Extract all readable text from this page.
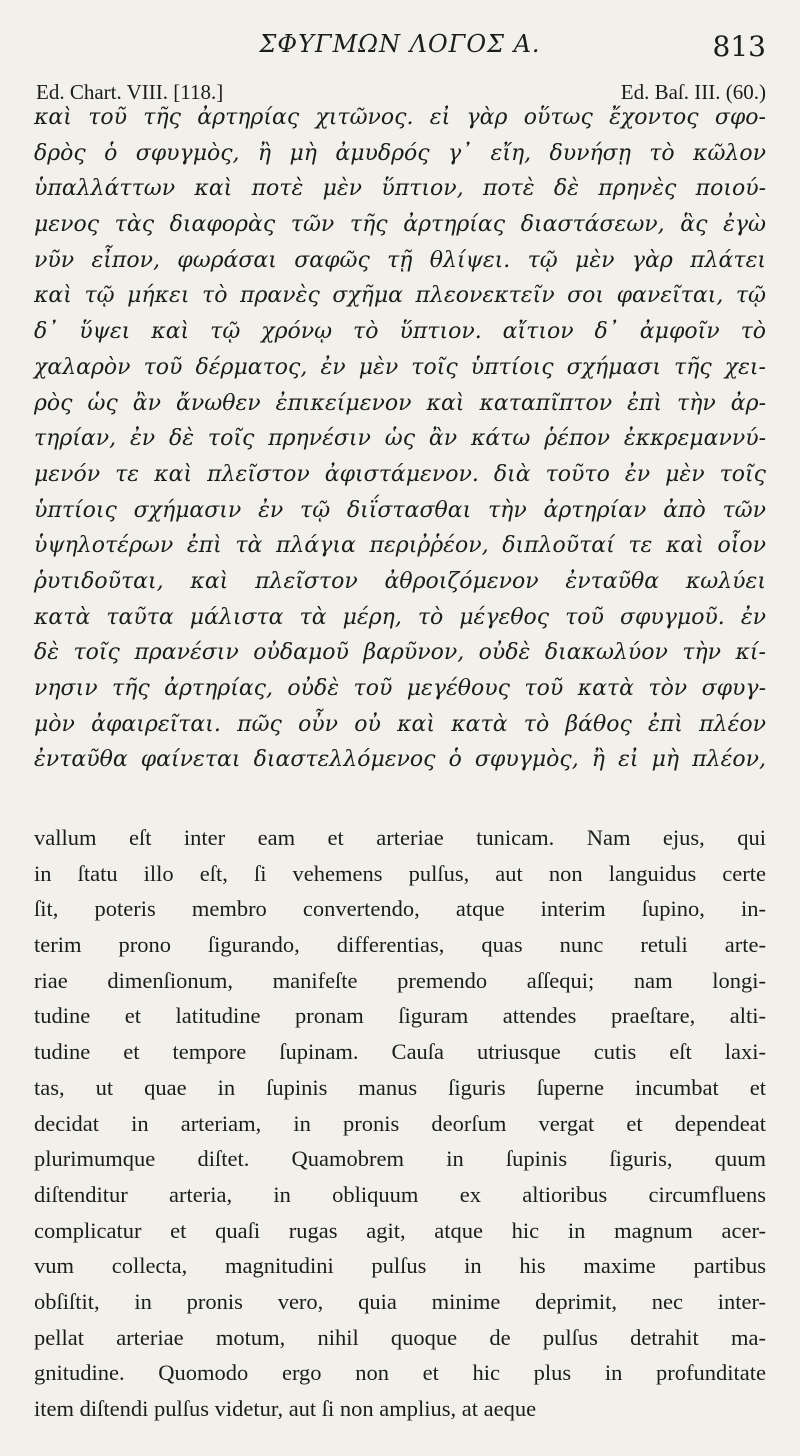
ΣΦΥΓΜΩΝ ΛΟΓΟΣ Α.	813
Ed. Chart. VIII. [118.]	Ed. Baſ. III. (60.)
καὶ τοῦ τῆς ἀρτηρίας χιτῶνος. εἰ γὰρ οὕτως ἔχοντος σφο-
δρὸς ὁ σφυγμὸς, ἢ μὴ ἀμυδρός γ᾽ εἴη, δυνήσῃ τὸ κῶλον
ὑπαλλάττων καὶ ποτὲ μὲν ὕπτιον, ποτὲ δὲ πρηνὲς ποιού-
μενος τὰς διαφορὰς τῶν τῆς ἀρτηρίας διαστάσεων, ἃς ἐγὼ
νῦν εἶπον, φωράσαι σαφῶς τῇ θλίψει. τῷ μὲν γὰρ πλάτει
καὶ τῷ μήκει τὸ πρανὲς σχῆμα πλεονεκτεῖν σοι φανεῖται, τῷ
δ᾽ ὕψει καὶ τῷ χρόνῳ τὸ ὕπτιον. αἴτιον δ᾽ ἀμφοῖν τὸ
χαλαρὸν τοῦ δέρματος, ἐν μὲν τοῖς ὑπτίοις σχήμασι τῆς χει-
ρὸς ὡς ἂν ἄνωθεν ἐπικείμενον καὶ καταπῖπτον ἐπὶ τὴν ἀρ-
τηρίαν, ἐν δὲ τοῖς πρηνέσιν ὡς ἂν κάτω ῥέπον ἐκκρεμαννύ-
μενόν τε καὶ πλεῖστον ἀφιστάμενον. διὰ τοῦτο ἐν μὲν τοῖς
ὑπτίοις σχήμασιν ἐν τῷ διΐστασθαι τὴν ἀρτηρίαν ἀπὸ τῶν
ὑψηλοτέρων ἐπὶ τὰ πλάγια περιῤῥέον, διπλοῦταί τε καὶ οἷον
ῥυτιδοῦται, καὶ πλεῖστον ἀθροιζόμενον ἐνταῦθα κωλύει
κατὰ ταῦτα μάλιστα τὰ μέρη, τὸ μέγεθος τοῦ σφυγμοῦ. ἐν
δὲ τοῖς πρανέσιν οὐδαμοῦ βαρῦνον, οὐδὲ διακωλύον τὴν κί-
νησιν τῆς ἀρτηρίας, οὐδὲ τοῦ μεγέθους τοῦ κατὰ τὸν σφυγ-
μὸν ἀφαιρεῖται. πῶς οὖν οὐ καὶ κατὰ τὸ βάθος ἐπὶ πλέον
ἐνταῦθα φαίνεται διαστελλόμενος ὁ σφυγμὸς, ἢ εἰ μὴ πλέον,
vallum eſt inter eam et arteriae tunicam. Nam ejus, qui
in ſtatu illo eſt, ſi vehemens pulſus, aut non languidus certe
ſit, poteris membro convertendo, atque interim ſupino, in-
terim prono ſigurando, differentias, quas nunc retuli arte-
riae dimenſionum, manifeſte premendo aſſequi; nam longi-
tudine et latitudine pronam ſiguram attendes praeſtare, alti-
tudine et tempore ſupinam. Cauſa utriusque cutis eſt laxi-
tas, ut quae in ſupinis manus ſiguris ſuperne incumbat et
decidat in arteriam, in pronis deorſum vergat et dependeat
plurimumque diſtet. Quamobrem in ſupinis ſiguris, quum
diſtenditur arteria, in obliquum ex altioribus circumfluens
complicatur et quaſi rugas agit, atque hic in magnum acer-
vum collecta, magnitudini pulſus in his maxime partibus
obſiſtit, in pronis vero, quia minime deprimit, nec inter-
pellat arteriae motum, nihil quoque de pulſus detrahit ma-
gnitudine. Quomodo ergo non et hic plus in profunditate
item diſtendi pulſus videtur, aut ſi non amplius, at aeque
